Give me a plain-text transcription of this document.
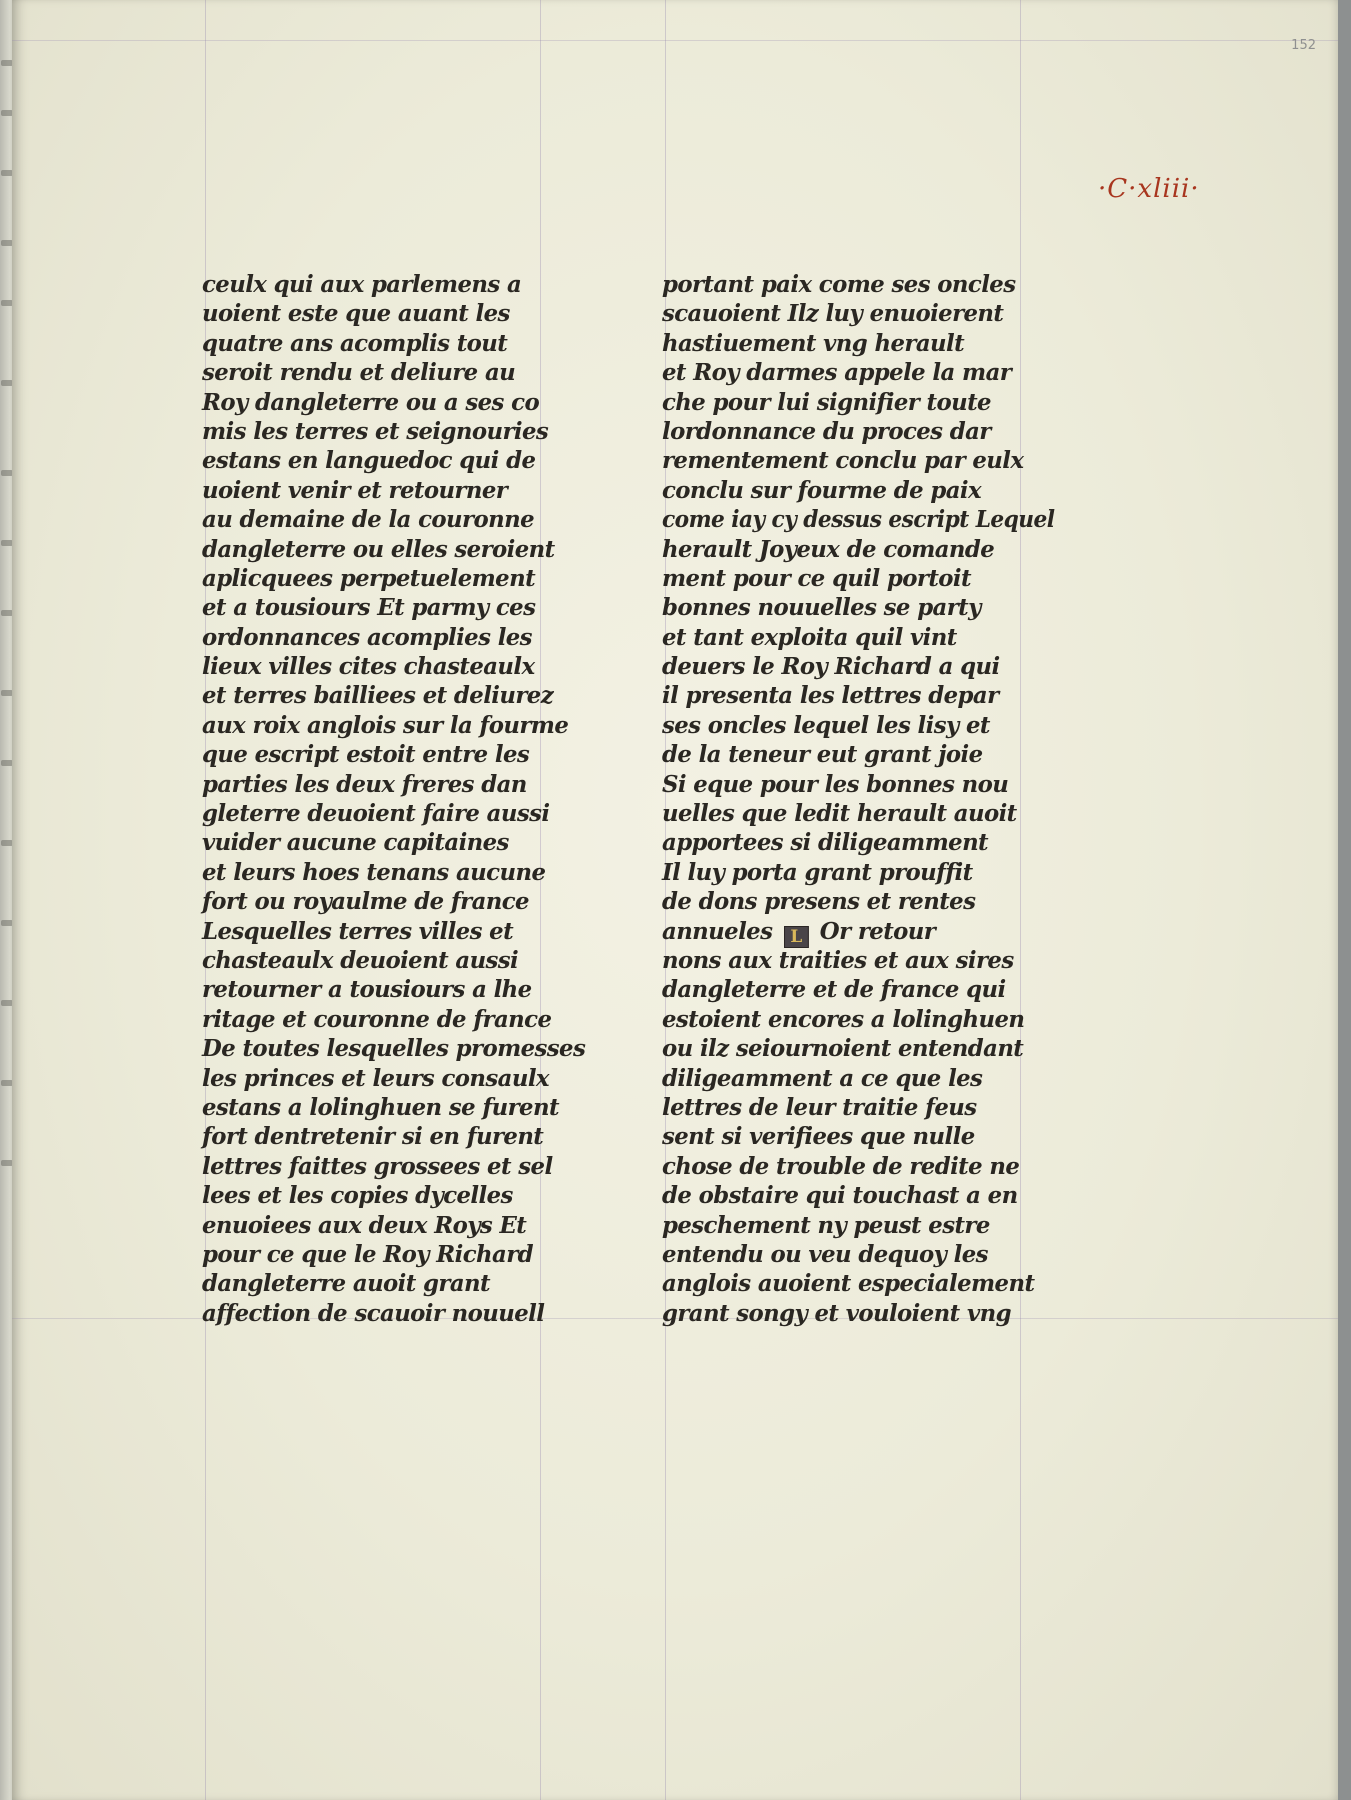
152
·C·xliii·
ceulx qui aux parlemens a
uoient este que auant les
quatre ans acomplis tout
seroit rendu et deliure au
Roy dangleterre ou a ses co
mis les terres et seignouries
estans en languedoc qui de
uoient venir et retourner
au demaine de la couronne
dangleterre ou elles seroient
aplicquees perpetuelement
et a tousiours Et parmy ces
ordonnances acomplies les
lieux villes cites chasteaulx
et terres bailliees et deliurez
aux roix anglois sur la fourme
que escript estoit entre les
parties les deux freres dan
gleterre deuoient faire aussi
vuider aucune capitaines
et leurs hoes tenans aucune
fort ou royaulme de france
Lesquelles terres villes et
chasteaulx deuoient aussi
retourner a tousiours a lhe
ritage et couronne de france
De toutes lesquelles promesses
les princes et leurs consaulx
estans a lolinghuen se furent
fort dentretenir si en furent
lettres faittes grossees et sel
lees et les copies dycelles
enuoiees aux deux Roys Et
pour ce que le Roy Richard
dangleterre auoit grant
affection de scauoir nouuell
portant paix come ses oncles
scauoient Ilz luy enuoierent
hastiuement vng herault
et Roy darmes appele la mar
che pour lui signifier toute
lordonnance du proces dar
rementement conclu par eulx
conclu sur fourme de paix
come iay cy dessus escript Lequel
herault Joyeux de comande
ment pour ce quil portoit
bonnes nouuelles se party
et tant exploita quil vint
deuers le Roy Richard a qui
il presenta les lettres depar
ses oncles lequel les lisy et
de la teneur eut grant joie
Si eque pour les bonnes nou
uelles que ledit herault auoit
apportees si diligeamment
Il luy porta grant prouffit
de dons presens et rentes
annueles L Or retour
nons aux traities et aux sires
dangleterre et de france qui
estoient encores a lolinghuen
ou ilz seiournoient entendant
diligeamment a ce que les
lettres de leur traitie feus
sent si verifiees que nulle
chose de trouble de redite ne
de obstaire qui touchast a en
peschement ny peust estre
entendu ou veu dequoy les
anglois auoient especialement
grant songy et vouloient vng
